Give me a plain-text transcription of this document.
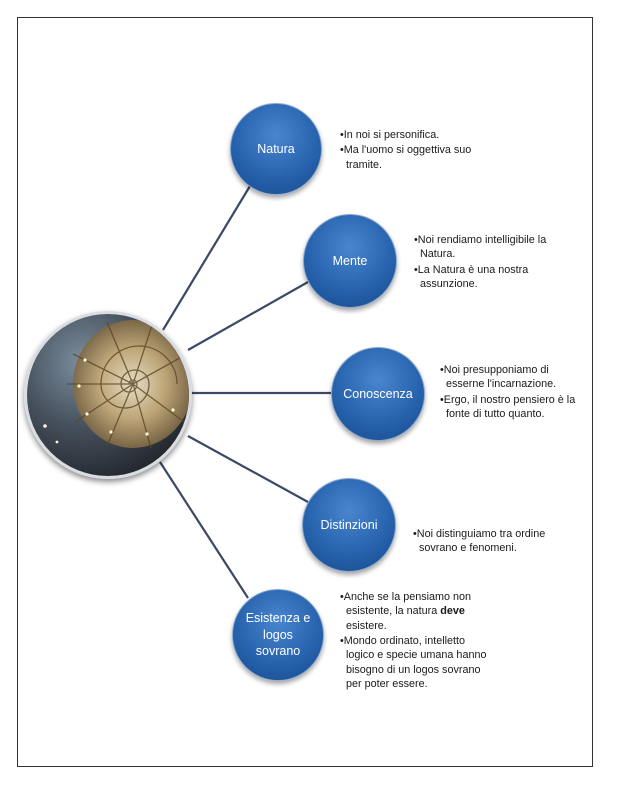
Natura
Mente
Conoscenza
Distinzioni
Esistenza e logos sovrano
•In noi si personifica.
•Ma l'uomo si oggettiva suo tramite.
•Noi rendiamo intelligibile la Natura.
•La Natura è una nostra assunzione.
•Noi presupponiamo di esserne l'incarnazione.
•Ergo, il nostro pensiero è la fonte di tutto quanto.
•Noi distinguiamo tra ordine sovrano e fenomeni.
•Anche se la pensiamo non esistente, la natura deve esistere.
•Mondo ordinato, intelletto logico e specie umana hanno bisogno di un logos sovrano per poter essere.
